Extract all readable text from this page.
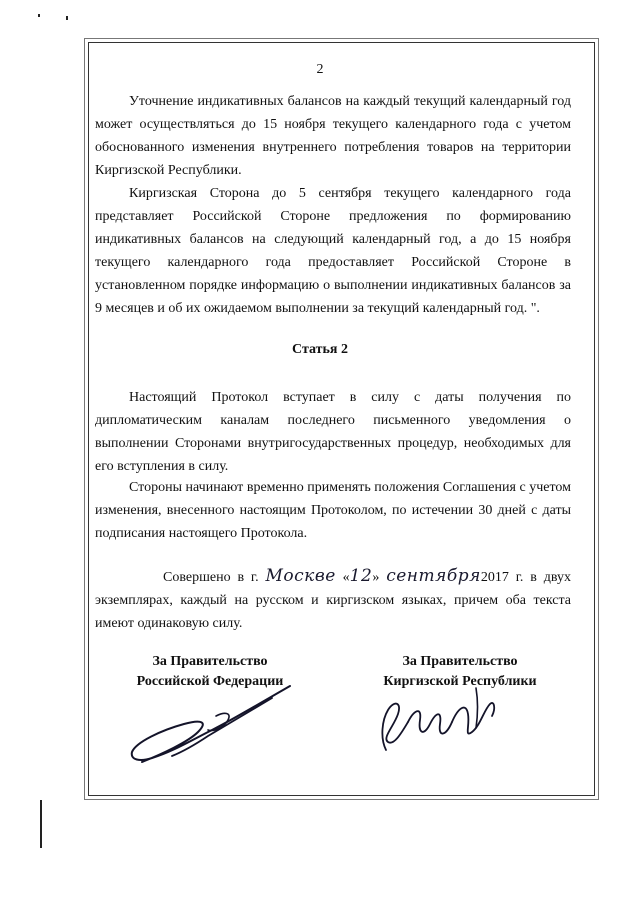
2
Уточнение индикативных балансов на каждый текущий календарный год может осуществляться до 15 ноября текущего календарного года с учетом обоснованного изменения внутреннего потребления товаров на территории Киргизской Республики.
Киргизская Сторона до 5 сентября текущего календарного года представляет Российской Стороне предложения по формированию индикативных балансов на следующий календарный год, а до 15 ноября текущего календарного года предоставляет Российской Стороне в установленном порядке информацию о выполнении индикативных балансов за 9 месяцев и об их ожидаемом выполнении за текущий календарный год. ".
Статья 2
Настоящий Протокол вступает в силу с даты получения по дипломатическим каналам последнего письменного уведомления о выполнении Сторонами внутригосударственных процедур, необходимых для его вступления в силу.
Стороны начинают временно применять положения Соглашения с учетом изменения, внесенного настоящим Протоколом, по истечении 30 дней с даты подписания настоящего Протокола.
Совершено в г. Москве «12» сентября2017 г. в двух экземплярах, каждый на русском и киргизском языках, причем оба текста имеют одинаковую силу.
За Правительство
Российской Федерации
За Правительство
Киргизской Республики
